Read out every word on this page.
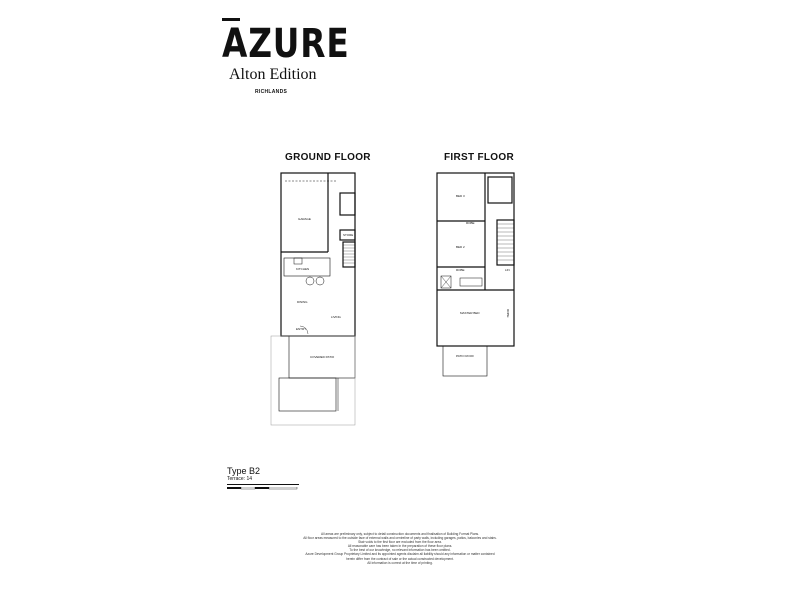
AZURE
Alton Edition
RICHLANDS
GROUND FLOOR	FIRST FLOOR
GARAGE
STORE
KITCHEN
DINING
LIVING
ENTRY
COVERED PATIO
BED 3
ROBE
BED 2
ROBE	LIN
MASTER BED	ROBE
PATIO ROOF
Type B2
Terrace: 14
All areas are preliminary only, subject to detail construction documents and finalisation of Building Format Plans.
All floor areas measured to the outside face of external walls and centreline of party walls, including garages, patios, balconies and stairs.
Stair voids to the first floor are excluded from the floor area.
All reasonable care has been taken in the preparation of these floor plans.
To the best of our knowledge, no relevant information has been omitted.
Azure Development Group Proprietary Limited and its appointed agents disclaim all liability should any information or matter contained
herein differ from the contract of sale or the actual constructed development.
All information is correct at the time of printing.
